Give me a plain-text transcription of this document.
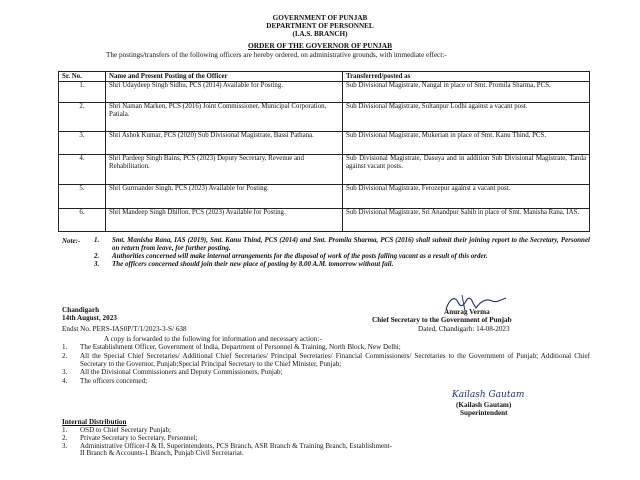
GOVERNMENT OF PUNJAB
DEPARTMENT OF PERSONNEL
(I.A.S. BRANCH)
ORDER OF THE GOVERNOR OF PUNJAB
The postings/transfers of the following officers are hereby ordered, on administrative grounds, with immediate effect:-
Sr. No.	Name and Present Posting of the Officer	Transferred/posted as
1.	Shri Udaydeep Singh Sidhu, PCS (2014) Available for Posting.	Sub Divisional Magistrate, Nangal in place of Smt. Promila Sharma, PCS.
2.	Shri Naman Marken, PCS (2016) Joint Commissioner, Municipal Corporation, Patiala.	Sub Divisional Magistrate, Sultanpur Lodhi against a vacant post.
3.	Shri Ashok Kumar, PCS (2020) Sub Divisional Magistrate, Bassi Pathana.	Sub Divisional Magistrate, Mukerian in place of Smt. Kanu Thind, PCS.
4.	Shri Pardeep Singh Bains, PCS (2023) Deputy Secretary, Revenue and Rehabilitation.	Sub Divisional Magistrate, Dasuya and in addition Sub Divisional Magistrate, Tanda against vacant posts.
5.	Shri Gurmander Singh, PCS (2023) Available for Posting.	Sub Divisional Magistrate, Ferozepur against a vacant post.
6.	Shri Mandeep Singh Dhillon, PCS (2023) Available for Posting.	Sub Divisional Magistrate, Sri Anandpur Sahib in place of Smt. Manisha Rana, IAS.
Note:- 1.	Smt. Manisha Rana, IAS (2019), Smt. Kanu Thind, PCS (2014) and Smt. Promila Sharma, PCS (2016) shall submit their joining report to the Secretary, Personnel on return from leave, for further posting.
2.	Authorities concerned will make internal arrangements for the disposal of work of the posts falling vacant as a result of this order.
3.	The officers concerned should join their new place of posting by 8.00 A.M. tomorrow without fail.
Chandigarh
14th August, 2023
Anurag Verma
Chief Secretary to the Government of Punjab
Endst No. PERS-IAS0P/T/1/2023-3-S/ 638	Dated, Chandigarh: 14-08-2023
A copy is forwarded to the following for information and necessary action:-
1.	The Establishment Officer, Government of India, Department of Personnel & Training, North Block, New Delhi;
2.	All the Special Chief Secretaries/ Additional Chief Secretaries/ Principal Secretaries/ Financial Commissioners/ Secretaries to the Government of Punjab; Additional Chief Secretary to the Governor, Punjab;Special Principal Secretary to the Chief Minister, Punjab;
3.	All the Divisional Commissioners and Deputy Commissioners, Punjab;
4.	The officers concerned;
Kailash Gautam
(Kailash Gautam)
Superintendent
Internal Distribution
1.	OSD to Chief Secretary Punjab;
2.	Private Secretary to Secretary, Personnel;
3.	Administrative Officer-I & II, Superintendents, PCS Branch, ASR Branch & Training Branch, Establishment-II Branch & Accounts-1 Branch, Punjab Civil Secretariat.
